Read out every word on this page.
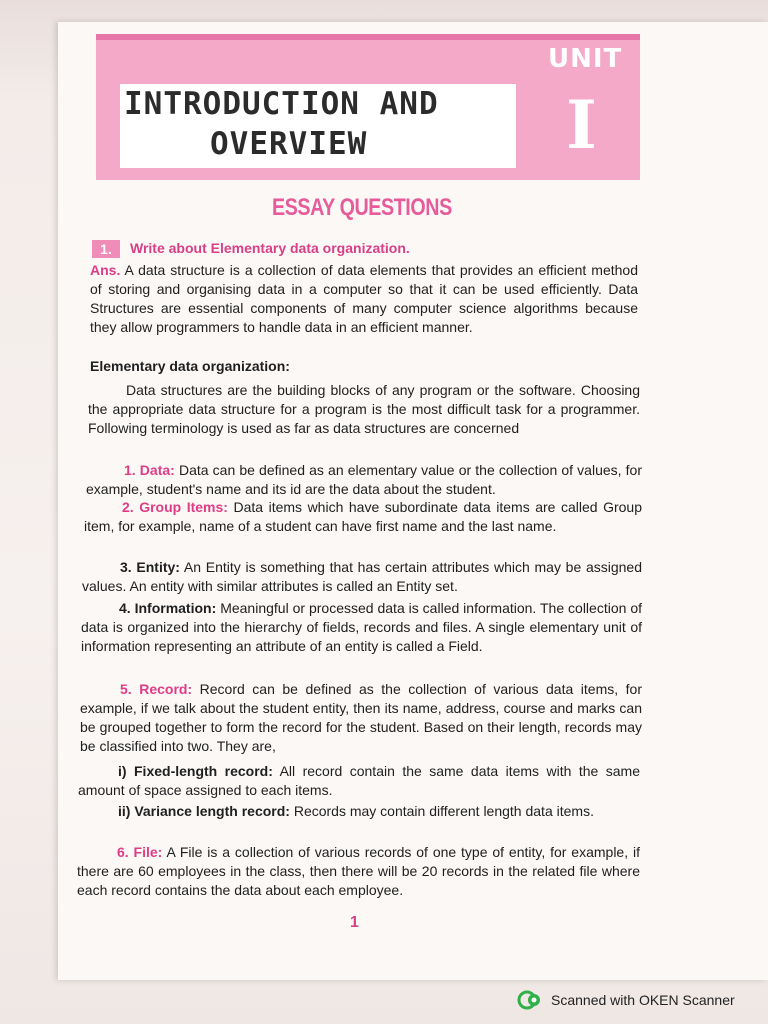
INTRODUCTION AND
OVERVIEW
UNIT
I
ESSAY QUESTIONS
1.	Write about Elementary data organization.
Ans. A data structure is a collection of data elements that provides an efficient method of storing and organising data in a computer so that it can be used efficiently. Data Structures are essential components of many computer science algorithms because they allow programmers to handle data in an efficient manner.
Elementary data organization:
Data structures are the building blocks of any program or the software. Choosing the appropriate data structure for a program is the most difficult task for a programmer. Following terminology is used as far as data structures are concerned
1. Data: Data can be defined as an elementary value or the collection of values, for example, student's name and its id are the data about the student.
2. Group Items: Data items which have subordinate data items are called Group item, for example, name of a student can have first name and the last name.
3. Entity: An Entity is something that has certain attributes which may be assigned values. An entity with similar attributes is called an Entity set.
4. Information: Meaningful or processed data is called information. The collection of data is organized into the hierarchy of fields, records and files. A single elementary unit of information representing an attribute of an entity is called a Field.
5. Record: Record can be defined as the collection of various data items, for example, if we talk about the student entity, then its name, address, course and marks can be grouped together to form the record for the student. Based on their length, records may be classified into two. They are,
i) Fixed-length record: All record contain the same data items with the same amount of space assigned to each items.
ii) Variance length record: Records may contain different length data items.
6. File: A File is a collection of various records of one type of entity, for example, if there are 60 employees in the class, then there will be 20 records in the related file where each record contains the data about each employee.
1
Scanned with OKEN Scanner
